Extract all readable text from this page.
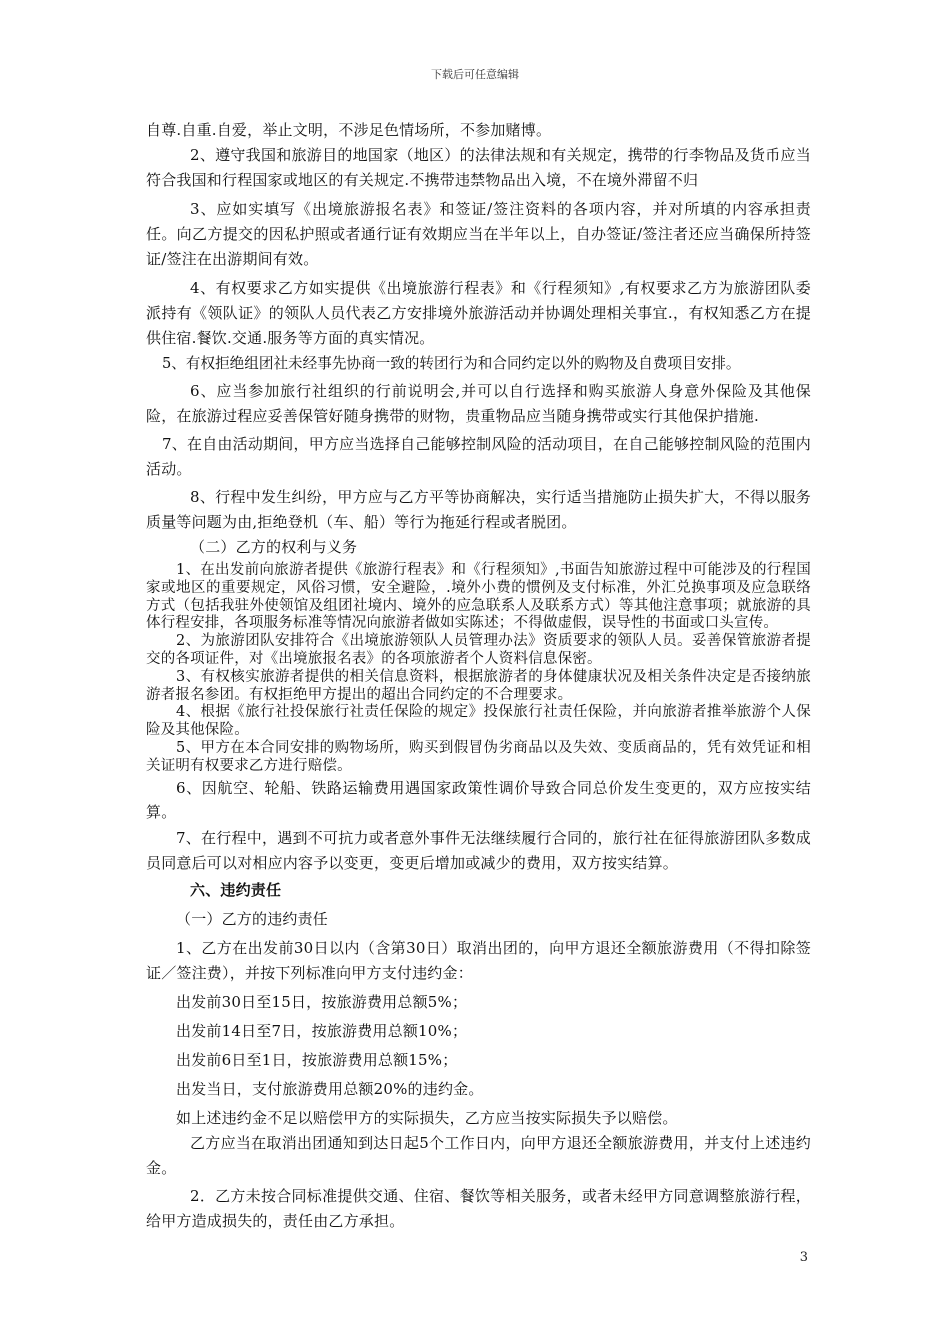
下载后可任意编辑

自尊.自重.自爱，举止文明，不涉足色情场所，不参加赌博。

2、遵守我国和旅游目的地国家（地区）的法律法规和有关规定，携带的行李物品及货币应当符合我国和行程国家或地区的有关规定.不携带违禁物品出入境，不在境外滞留不归

3、应如实填写《出境旅游报名表》和签证/签注资料的各项内容，并对所填的内容承担责任。向乙方提交的因私护照或者通行证有效期应当在半年以上，自办签证/签注者还应当确保所持签证/签注在出游期间有效。

4、有权要求乙方如实提供《出境旅游行程表》和《行程须知》,有权要求乙方为旅游团队委派持有《领队证》的领队人员代表乙方安排境外旅游活动并协调处理相关事宜.，有权知悉乙方在提供住宿.餐饮.交通.服务等方面的真实情况。

5、有权拒绝组团社未经事先协商一致的转团行为和合同约定以外的购物及自费项目安排。

6、应当参加旅行社组织的行前说明会,并可以自行选择和购买旅游人身意外保险及其他保险，在旅游过程应妥善保管好随身携带的财物，贵重物品应当随身携带或实行其他保护措施.

7、在自由活动期间，甲方应当选择自己能够控制风险的活动项目，在自己能够控制风险的范围内活动。

8、行程中发生纠纷，甲方应与乙方平等协商解决，实行适当措施防止损失扩大，不得以服务质量等问题为由,拒绝登机（车、船）等行为拖延行程或者脱团。

（二）乙方的权利与义务

1、在出发前向旅游者提供《旅游行程表》和《行程须知》,书面告知旅游过程中可能涉及的行程国家或地区的重要规定，风俗习惯，安全避险，.境外小费的惯例及支付标准，外汇兑换事项及应急联络方式（包括我驻外使领馆及组团社境内、境外的应急联系人及联系方式）等其他注意事项；就旅游的具体行程安排，各项服务标准等情况向旅游者做如实陈述；不得做虚假，误导性的书面或口头宣传。

2、为旅游团队安排符合《出境旅游领队人员管理办法》资质要求的领队人员。妥善保管旅游者提交的各项证件，对《出境旅报名表》的各项旅游者个人资料信息保密。

3、有权核实旅游者提供的相关信息资料，根据旅游者的身体健康状况及相关条件决定是否接纳旅游者报名参团。有权拒绝甲方提出的超出合同约定的不合理要求。

4、根据《旅行社投保旅行社责任保险的规定》投保旅行社责任保险，并向旅游者推举旅游个人保险及其他保险。

5、甲方在本合同安排的购物场所，购买到假冒伪劣商品以及失效、变质商品的，凭有效凭证和相关证明有权要求乙方进行赔偿。

6、因航空、轮船、铁路运输费用遇国家政策性调价导致合同总价发生变更的，双方应按实结算。

7、在行程中，遇到不可抗力或者意外事件无法继续履行合同的，旅行社在征得旅游团队多数成员同意后可以对相应内容予以变更，变更后增加或减少的费用，双方按实结算。

六、违约责任

（一）乙方的违约责任

1、乙方在出发前30日以内（含第30日）取消出团的，向甲方退还全额旅游费用（不得扣除签证／签注费），并按下列标准向甲方支付违约金：

出发前30日至15日，按旅游费用总额5%；

出发前14日至7日，按旅游费用总额10%；

出发前6日至1日，按旅游费用总额15%；

出发当日，支付旅游费用总额20%的违约金。

如上述违约金不足以赔偿甲方的实际损失，乙方应当按实际损失予以赔偿。

乙方应当在取消出团通知到达日起5个工作日内，向甲方退还全额旅游费用，并支付上述违约金。

2．乙方未按合同标准提供交通、住宿、餐饮等相关服务，或者未经甲方同意调整旅游行程，给甲方造成损失的，责任由乙方承担。

3
